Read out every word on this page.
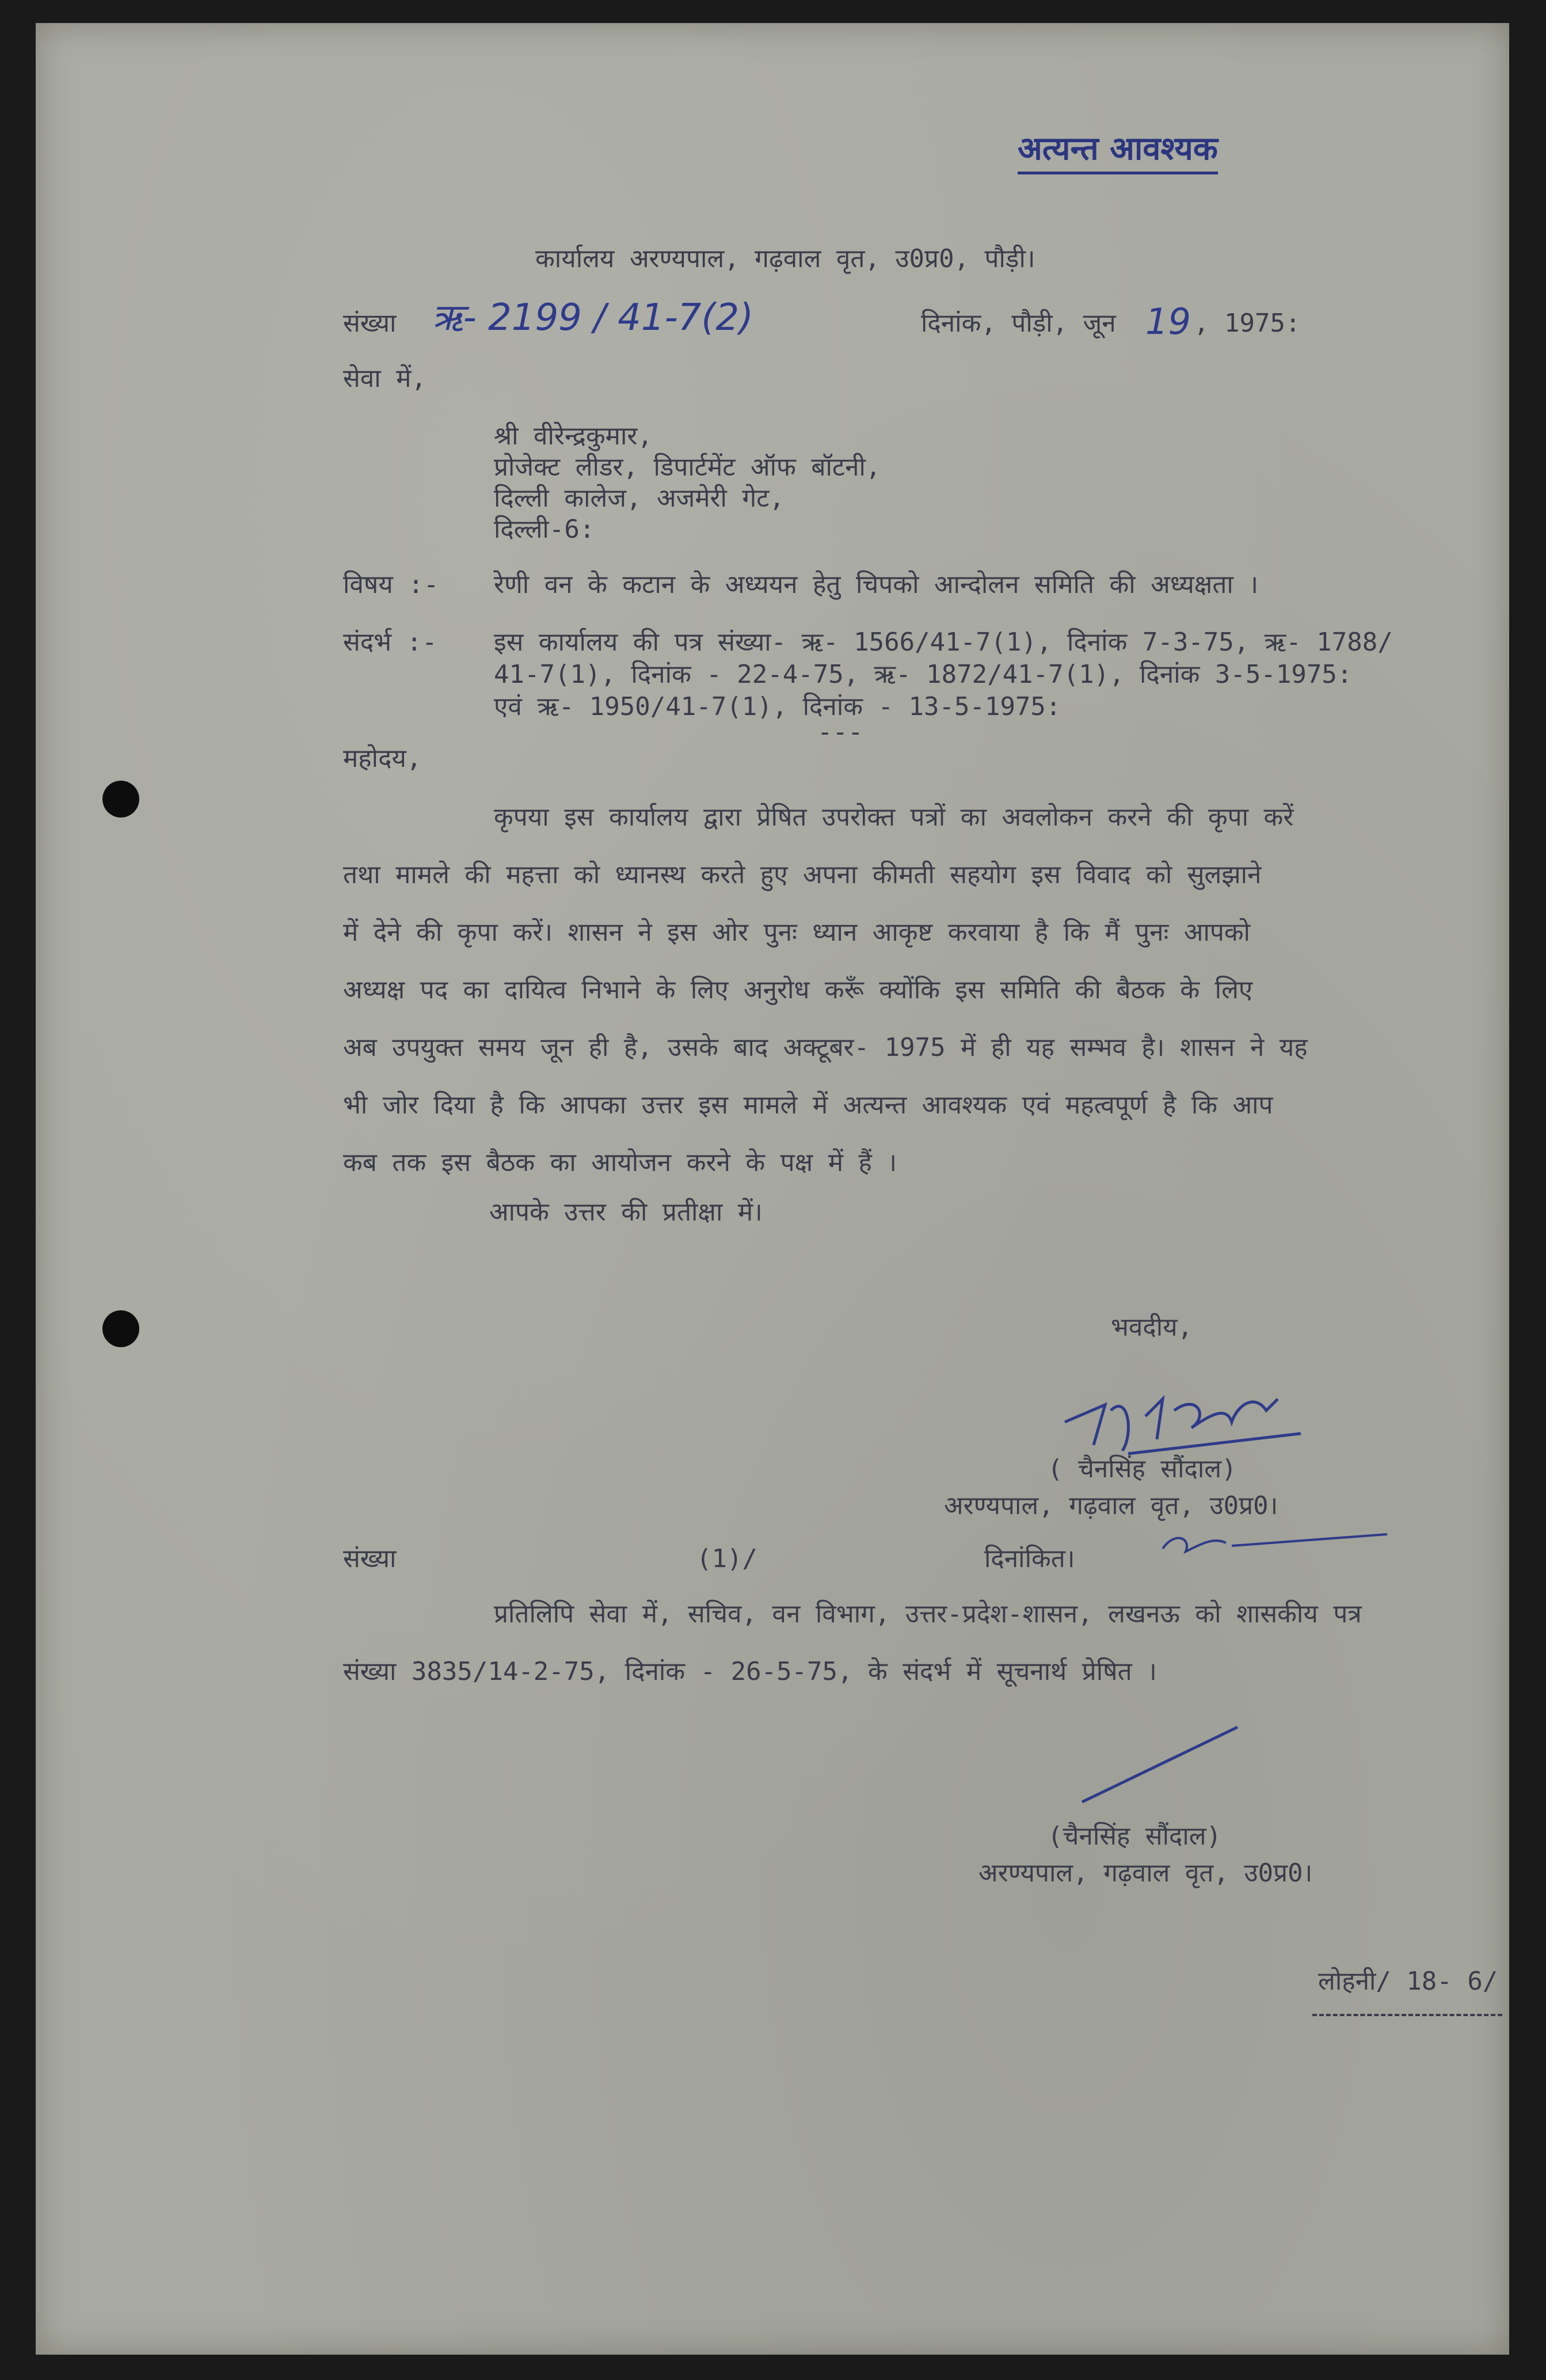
अत्यन्त आवश्यक
कार्यालय अरण्यपाल, गढ़वाल वृत, उ0प्र0, पौड़ी।
संख्या ऋ- 2199 / 41-7(2)	दिनांक, पौड़ी, जून 19 , 1975:
सेवा में,
श्री वीरेन्द्रकुमार,
प्रोजेक्ट लीडर, डिपार्टमेंट ऑफ बॉटनी,
दिल्ली कालेज, अजमेरी गेट,
दिल्ली-6:
विषय :- रेणी वन के कटान के अध्ययन हेतु चिपको आन्दोलन समिति की अध्यक्षता ।
संदर्भ :- इस कार्यालय की पत्र संख्या- ऋ- 1566/41-7(1), दिनांक 7-3-75, ऋ- 1788/
41-7(1), दिनांक - 22-4-75, ऋ- 1872/41-7(1), दिनांक 3-5-1975:
एवं ऋ- 1950/41-7(1), दिनांक - 13-5-1975:
---
महोदय,
कृपया इस कार्यालय द्वारा प्रेषित उपरोक्त पत्रों का अवलोकन करने की कृपा करें
तथा मामले की महत्ता को ध्यानस्थ करते हुए अपना कीमती सहयोग इस विवाद को सुलझाने
में देने की कृपा करें। शासन ने इस ओर पुनः ध्यान आकृष्ट करवाया है कि मैं पुनः आपको
अध्यक्ष पद का दायित्व निभाने के लिए अनुरोध करूँ क्योंकि इस समिति की बैठक के लिए
अब उपयुक्त समय जून ही है, उसके बाद अक्टूबर- 1975 में ही यह सम्भव है। शासन ने यह
भी जोर दिया है कि आपका उत्तर इस मामले में अत्यन्त आवश्यक एवं महत्वपूर्ण है कि आप
कब तक इस बैठक का आयोजन करने के पक्ष में हैं ।
आपके उत्तर की प्रतीक्षा में।
भवदीय,
( चैनसिंह सौंदाल)
अरण्यपाल, गढ़वाल वृत, उ0प्र0।
संख्या	(1)/	दिनांकित।
प्रतिलिपि सेवा में, सचिव, वन विभाग, उत्तर-प्रदेश-शासन, लखनऊ को शासकीय पत्र
संख्या 3835/14-2-75, दिनांक - 26-5-75, के संदर्भ में सूचनार्थ प्रेषित ।
(चैनसिंह सौंदाल)
अरण्यपाल, गढ़वाल वृत, उ0प्र0।
लोहनी/ 18- 6/
